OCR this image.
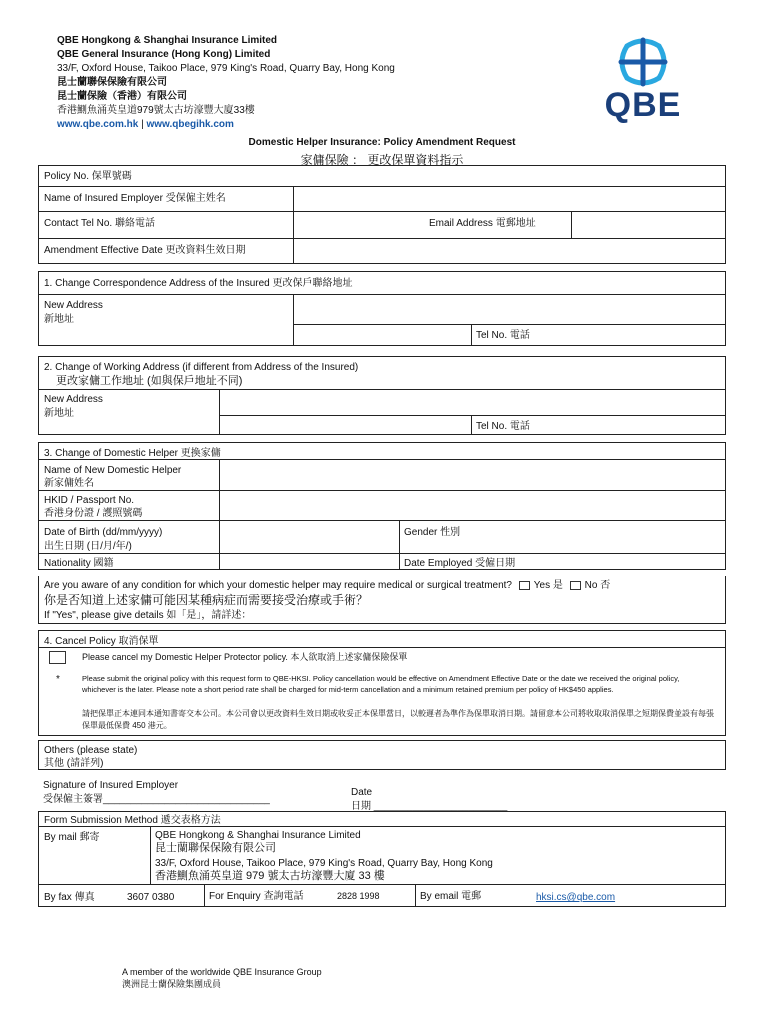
QBE Hongkong & Shanghai Insurance Limited
QBE General Insurance (Hong Kong) Limited
33/F, Oxford House, Taikoo Place, 979 King's Road, Quarry Bay, Hong Kong
昆士蘭聯保保險有限公司
昆士蘭保險（香港）有限公司
香港鰂魚涌英皇道979號太古坊濠豐大廈33樓
www.qbe.com.hk | www.qbegihk.com
QBE
Domestic Helper Insurance: Policy Amendment Request
家傭保險 ： 更改保單資料指示
Policy No. 保單號碼
Name of Insured Employer 受保僱主姓名
Contact Tel No. 聯絡電話	Email Address 電郵地址
Amendment Effective Date 更改資料生效日期
1. Change Correspondence Address of the Insured 更改保戶聯絡地址
New Address
新地址
Tel No. 電話
2. Change of Working Address (if different from Address of the Insured)
更改家傭工作地址 (如與保戶地址不同)
New Address
新地址
Tel No. 電話
3. Change of Domestic Helper 更換家傭
Name of New Domestic Helper
新家傭姓名
HKID / Passport No.
香港身份證 / 護照號碼
Date of Birth (dd/mm/yyyy)
出生日期 (日/月/年/)
Gender 性別
Nationality 國籍	Date Employed 受僱日期
Are you aware of any condition for which your domestic helper may require medical or surgical treatment? Yes 是 No 否
你是否知道上述家傭可能因某種病症而需要接受治療或手術？
If "Yes", please give details 如「是」，請詳述：
4. Cancel Policy 取消保單
Please cancel my Domestic Helper Protector policy. 本人欲取消上述家傭保險保單
*	Please submit the original policy with this request form to QBE-HKSI. Policy cancellation would be effective on Amendment Effective Date or the date we received the original policy, whichever is the later. Please note a short period rate shall be charged for mid-term cancellation and a minimum retained premium per policy of HK$450 applies.
請把保單正本連同本通知書寄交本公司。本公司會以更改資料生效日期或收妥正本保單當日，以較遲者為準作為保單取消日期。請留意本公司將收取取消保單之短期保費並設有每張保單最低保費 450 港元。
Others (please state)
其他 (請詳列)
Signature of Insured Employer
受保僱主簽署______________________________
Date
日期 ________________________
Form Submission Method 遞交表格方法
By mail 郵寄	QBE Hongkong & Shanghai Insurance Limited
昆士蘭聯保保險有限公司
33/F, Oxford House, Taikoo Place, 979 King's Road, Quarry Bay, Hong Kong
香港鰂魚涌英皇道 979 號太古坊濠豐大廈 33 樓
By fax 傳真	3607 0380	For Enquiry 查詢電話	2828 1998	By email 電郵	hksi.cs@qbe.com
A member of the worldwide QBE Insurance Group
澳洲昆士蘭保險集團成員
